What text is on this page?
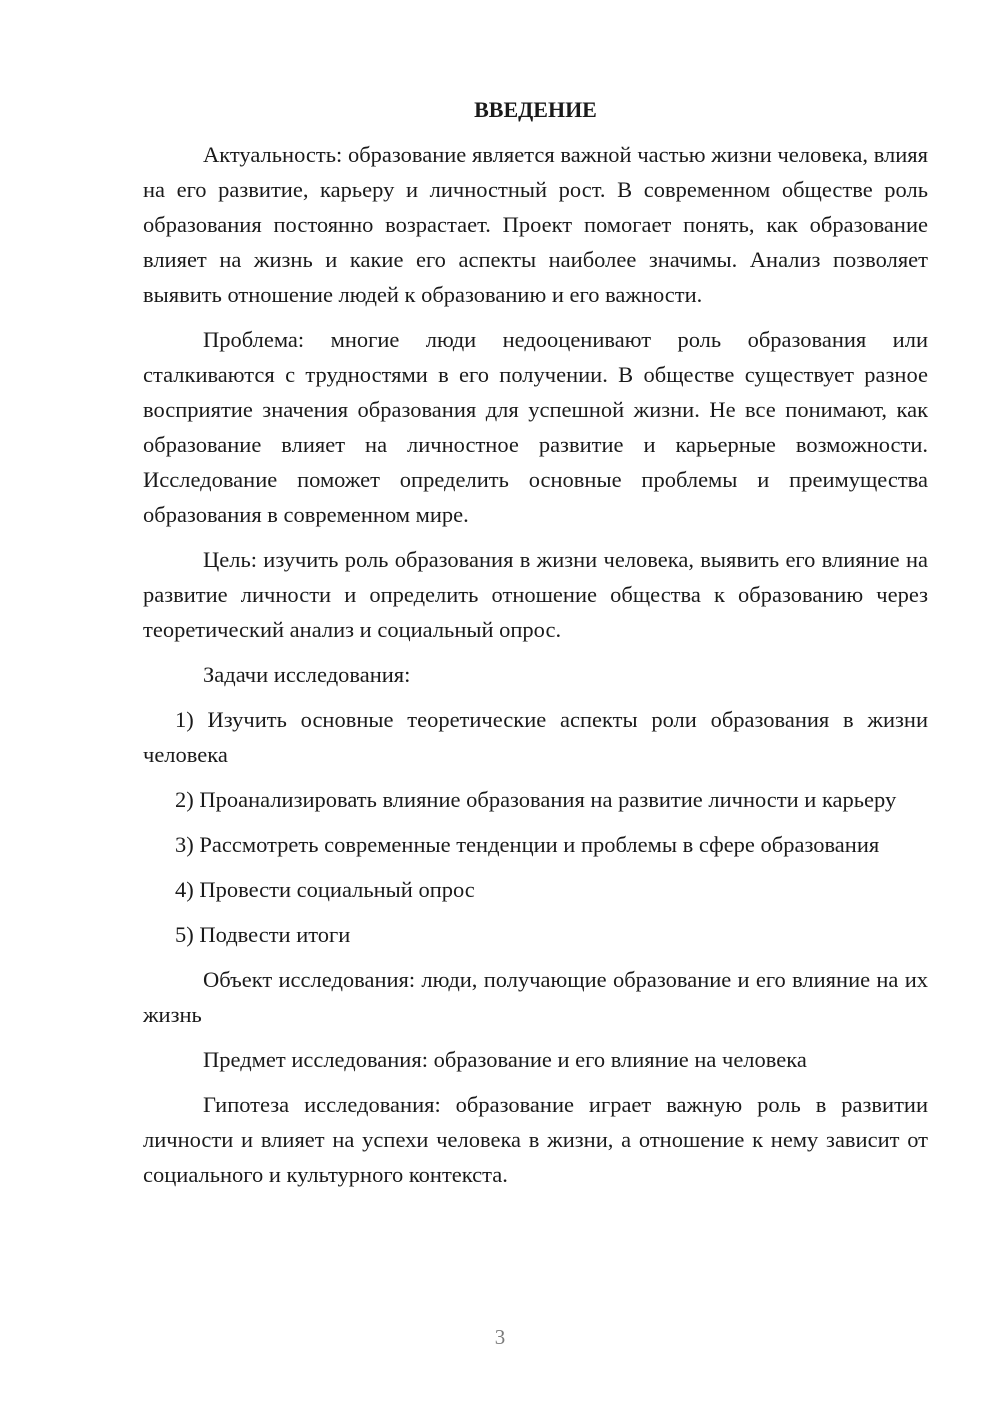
ВВЕДЕНИЕ

Актуальность: образование является важной частью жизни человека, влияя на его развитие, карьеру и личностный рост. В современном обществе роль образования постоянно возрастает. Проект помогает понять, как образование влияет на жизнь и какие его аспекты наиболее значимы. Анализ позволяет выявить отношение людей к образованию и его важности.

Проблема: многие люди недооценивают роль образования или сталкиваются с трудностями в его получении. В обществе существует разное восприятие значения образования для успешной жизни. Не все понимают, как образование влияет на личностное развитие и карьерные возможности. Исследование поможет определить основные проблемы и преимущества образования в современном мире.

Цель: изучить роль образования в жизни человека, выявить его влияние на развитие личности и определить отношение общества к образованию через теоретический анализ и социальный опрос.

Задачи исследования:

1) Изучить основные теоретические аспекты роли образования в жизни человека

2) Проанализировать влияние образования на развитие личности и карьеру

3) Рассмотреть современные тенденции и проблемы в сфере образования

4) Провести социальный опрос

5) Подвести итоги

Объект исследования: люди, получающие образование и его влияние на их жизнь

Предмет исследования: образование и его влияние на человека

Гипотеза исследования: образование играет важную роль в развитии личности и влияет на успехи человека в жизни, а отношение к нему зависит от социального и культурного контекста.

3
